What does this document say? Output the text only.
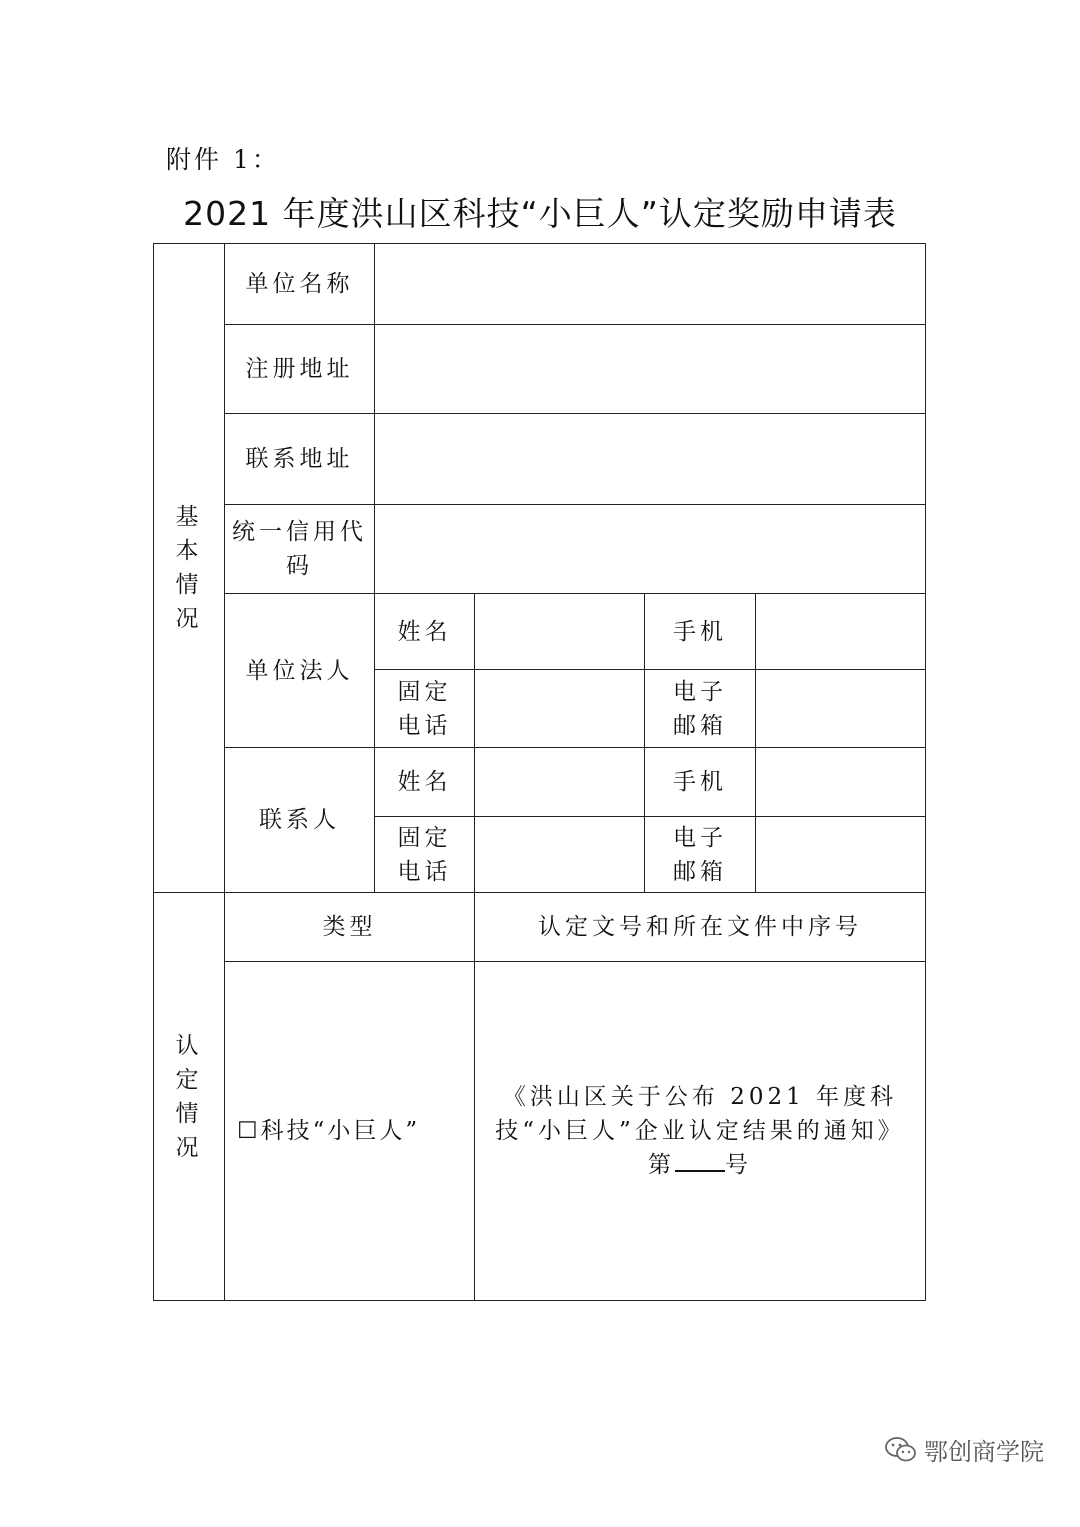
附件 1：
2021 年度洪山区科技“小巨人”认定奖励申请表
基本情况	单位名称				
	注册地址				
	联系地址				
	统一信用代码				
	单位法人	姓名		手机	
		固定电话		电子邮箱	
	联系人	姓名		手机	
		固定电话		电子邮箱	
认定情况	类型		认定文号和所在文件中序号		
	☐科技“小巨人”		《洪山区关于公布 2021 年度科技“小巨人”企业认定结果的通知》
第 号		
鄂创商学院
